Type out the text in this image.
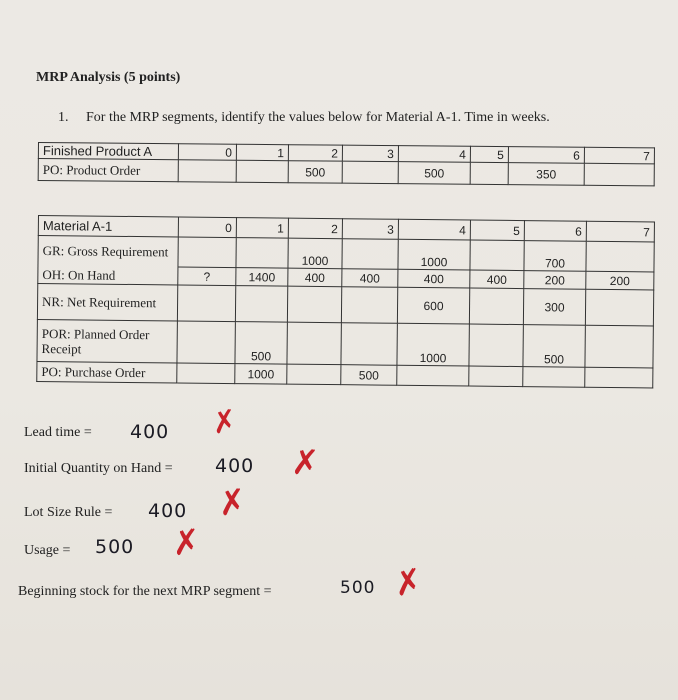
MRP Analysis (5 points)
1. For the MRP segments, identify the values below for Material A-1. Time in weeks.
Finished Product A	0	1	2	3	4	5	6	7
PO: Product Order			500		500		350	
Material A-1	0	1	2	3	4	5	6	7
GR: Gross Requirement			1000		1000		700	
OH: On Hand	?	1400	400	400	400	400	200	200
NR: Net Requirement					600		300	
POR: Planned Order Receipt		500			1000		500	
PO: Purchase Order		1000		500				
Lead time = 400 ✗
Initial Quantity on Hand = 400 ✗
Lot Size Rule = 400 ✗
Usage = 500 ✗
Beginning stock for the next MRP segment =	500 ✗
